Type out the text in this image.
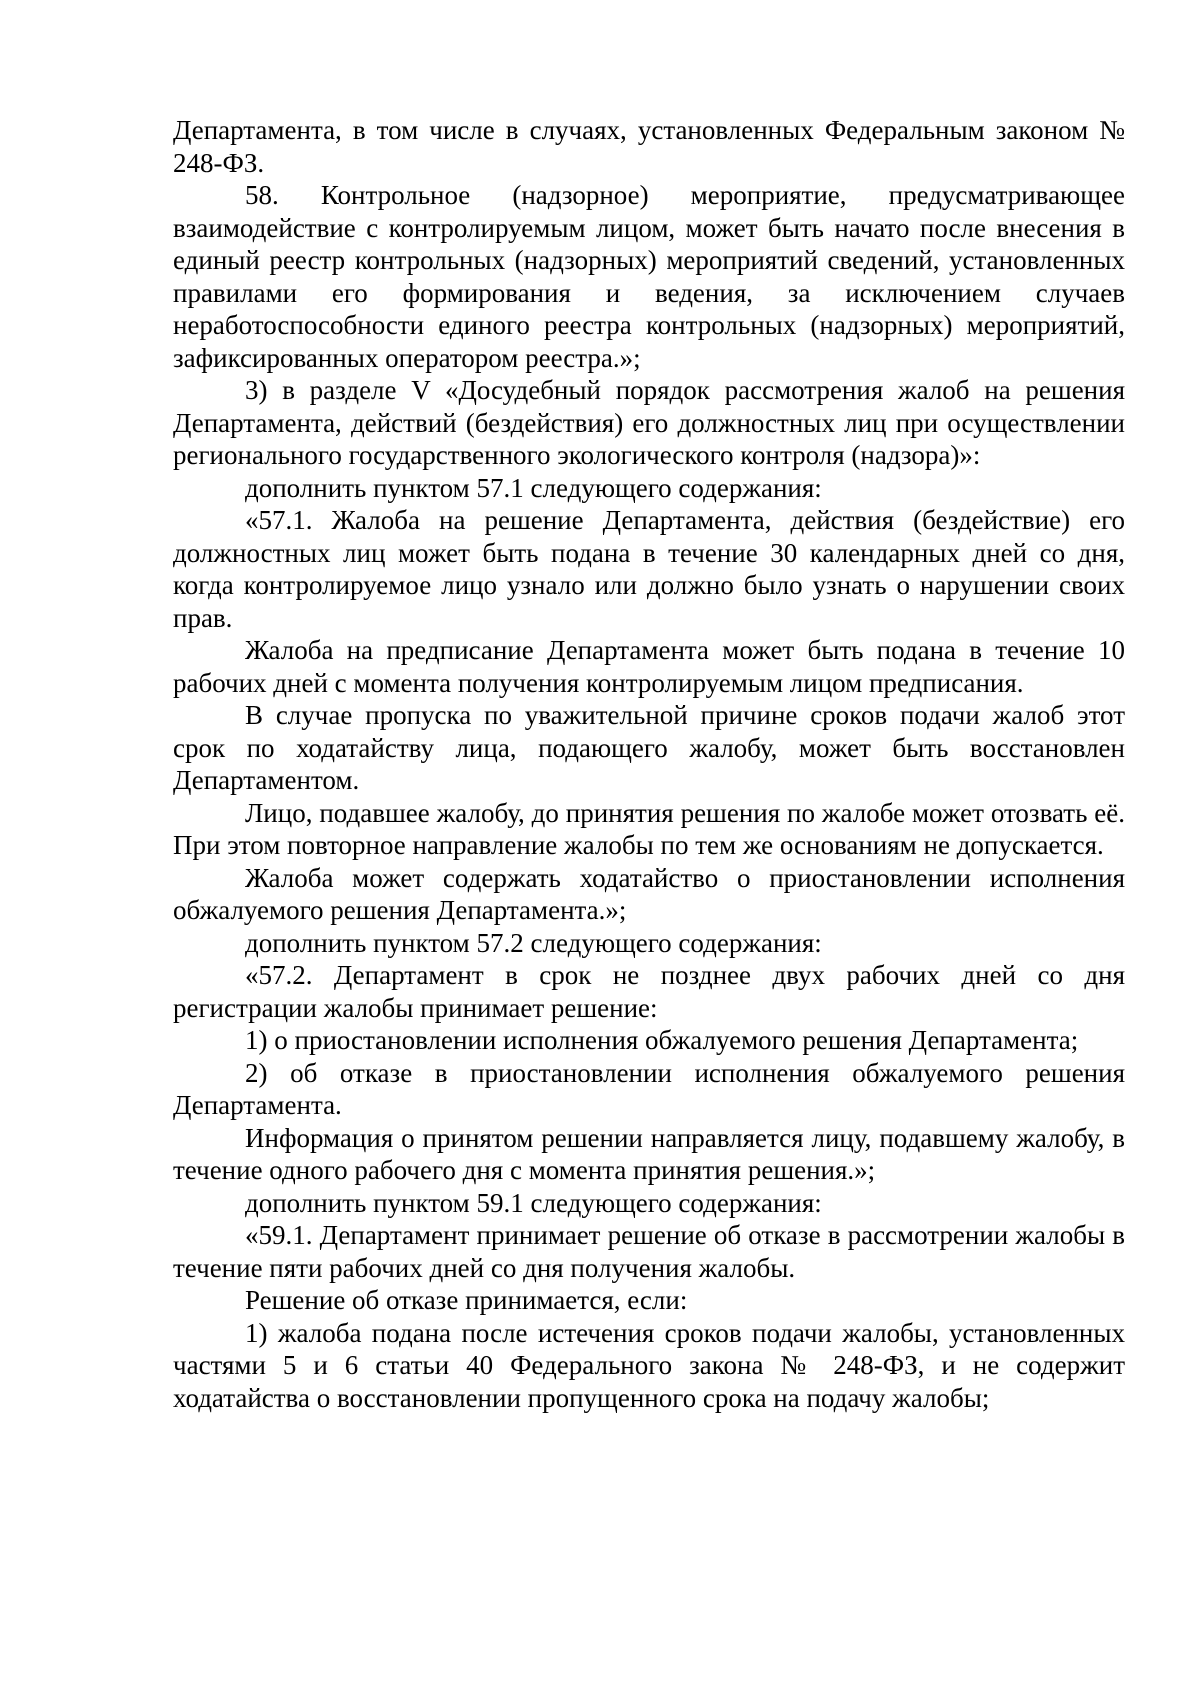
Департамента, в том числе в случаях, установленных Федеральным законом № 248-ФЗ.

58. Контрольное (надзорное) мероприятие, предусматривающее взаимодействие с контролируемым лицом, может быть начато после внесения в единый реестр контрольных (надзорных) мероприятий сведений, установленных правилами его формирования и ведения, за исключением случаев неработоспособности единого реестра контрольных (надзорных) мероприятий, зафиксированных оператором реестра.»;

3) в разделе V «Досудебный порядок рассмотрения жалоб на решения Департамента, действий (бездействия) его должностных лиц при осуществлении регионального государственного экологического контроля (надзора)»:

дополнить пунктом 57.1 следующего содержания:

«57.1. Жалоба на решение Департамента, действия (бездействие) его должностных лиц может быть подана в течение 30 календарных дней со дня, когда контролируемое лицо узнало или должно было узнать о нарушении своих прав.

Жалоба на предписание Департамента может быть подана в течение 10 рабочих дней с момента получения контролируемым лицом предписания.

В случае пропуска по уважительной причине сроков подачи жалоб этот срок по ходатайству лица, подающего жалобу, может быть восстановлен Департаментом.

Лицо, подавшее жалобу, до принятия решения по жалобе может отозвать её. При этом повторное направление жалобы по тем же основаниям не допускается.

Жалоба может содержать ходатайство о приостановлении исполнения обжалуемого решения Департамента.»;

дополнить пунктом 57.2 следующего содержания:

«57.2. Департамент в срок не позднее двух рабочих дней со дня регистрации жалобы принимает решение:

1) о приостановлении исполнения обжалуемого решения Департамента;

2) об отказе в приостановлении исполнения обжалуемого решения Департамента.

Информация о принятом решении направляется лицу, подавшему жалобу, в течение одного рабочего дня с момента принятия решения.»;

дополнить пунктом 59.1 следующего содержания:

«59.1. Департамент принимает решение об отказе в рассмотрении жалобы в течение пяти рабочих дней со дня получения жалобы.

Решение об отказе принимается, если:

1) жалоба подана после истечения сроков подачи жалобы, установленных частями 5 и 6 статьи 40 Федерального закона № 248-ФЗ, и не содержит ходатайства о восстановлении пропущенного срока на подачу жалобы;
